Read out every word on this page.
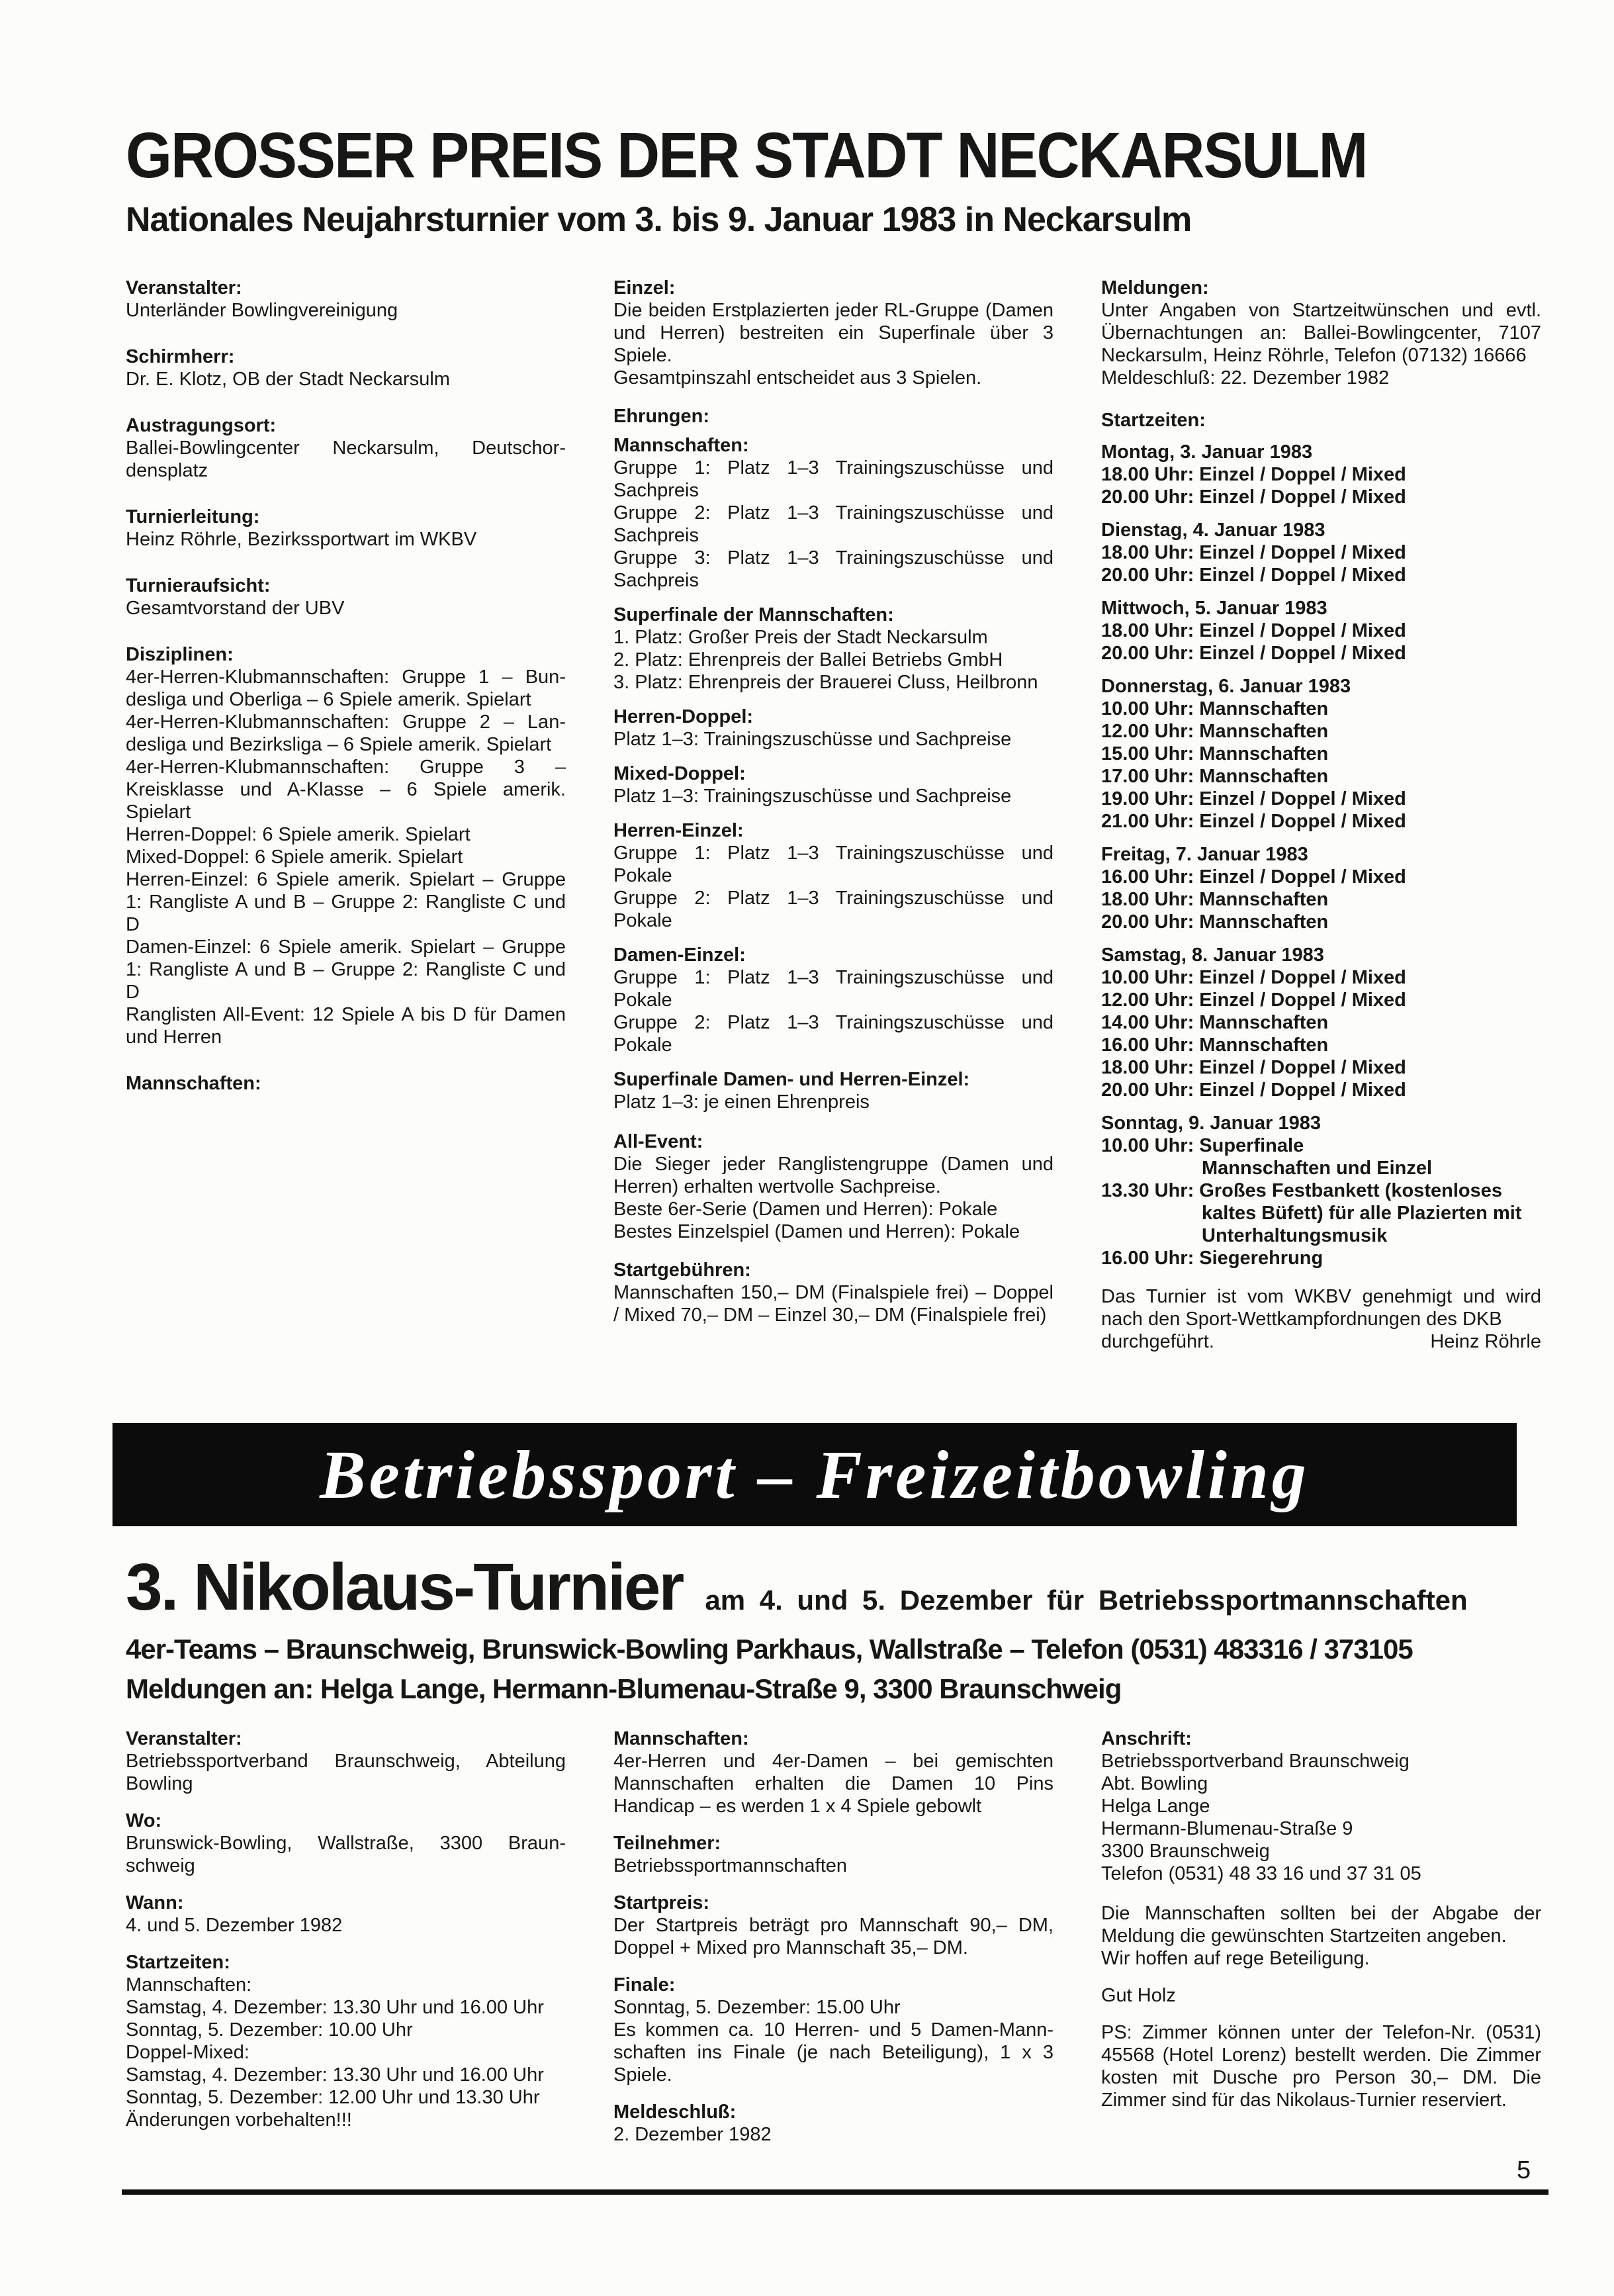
GROSSER PREIS DER STADT NECKARSULM
Nationales Neujahrsturnier vom 3. bis 9. Januar 1983 in Neckarsulm
Veranstalter:
Unterländer Bowlingvereinigung
Schirmherr:
Dr. E. Klotz, OB der Stadt Neckarsulm
Austragungsort:
Ballei-Bowlingcenter Neckarsulm, Deutschordensplatz
Turnierleitung:
Heinz Röhrle, Bezirkssportwart im WKBV
Turnieraufsicht:
Gesamtvorstand der UBV
Disziplinen:
4er-Herren-Klubmannschaften: Gruppe 1 – Bundesliga und Oberliga – 6 Spiele amerik. Spielart
4er-Herren-Klubmannschaften: Gruppe 2 – Landesliga und Bezirksliga – 6 Spiele amerik. Spielart
4er-Herren-Klubmannschaften: Gruppe 3 – Kreisklasse und A-Klasse – 6 Spiele amerik. Spielart
Herren-Doppel: 6 Spiele amerik. Spielart
Mixed-Doppel: 6 Spiele amerik. Spielart
Herren-Einzel: 6 Spiele amerik. Spielart – Gruppe 1: Rangliste A und B – Gruppe 2: Rangliste C und D
Damen-Einzel: 6 Spiele amerik. Spielart – Gruppe 1: Rangliste A und B – Gruppe 2: Rangliste C und D
Ranglisten All-Event: 12 Spiele A bis D für Damen und Herren
Mannschaften:
Einzel:
Die beiden Erstplazierten jeder RL-Gruppe (Damen und Herren) bestreiten ein Superfinale über 3 Spiele.
Gesamtpinszahl entscheidet aus 3 Spielen.
Ehrungen:
Mannschaften:
Gruppe 1: Platz 1–3 Trainingszuschüsse und Sachpreis
Gruppe 2: Platz 1–3 Trainingszuschüsse und Sachpreis
Gruppe 3: Platz 1–3 Trainingszuschüsse und Sachpreis
Superfinale der Mannschaften:
1. Platz: Großer Preis der Stadt Neckarsulm
2. Platz: Ehrenpreis der Ballei Betriebs GmbH
3. Platz: Ehrenpreis der Brauerei Cluss, Heilbronn
Herren-Doppel:
Platz 1–3: Trainingszuschüsse und Sachpreise
Mixed-Doppel:
Platz 1–3: Trainingszuschüsse und Sachpreise
Herren-Einzel:
Gruppe 1: Platz 1–3 Trainingszuschüsse und Pokale
Gruppe 2: Platz 1–3 Trainingszuschüsse und Pokale
Damen-Einzel:
Gruppe 1: Platz 1–3 Trainingszuschüsse und Pokale
Gruppe 2: Platz 1–3 Trainingszuschüsse und Pokale
Superfinale Damen- und Herren-Einzel:
Platz 1–3: je einen Ehrenpreis
All-Event:
Die Sieger jeder Ranglistengruppe (Damen und Herren) erhalten wertvolle Sachpreise.
Beste 6er-Serie (Damen und Herren): Pokale
Bestes Einzelspiel (Damen und Herren): Pokale
Startgebühren:
Mannschaften 150,– DM (Finalspiele frei) – Doppel / Mixed 70,– DM – Einzel 30,– DM (Finalspiele frei)
Meldungen:
Unter Angaben von Startzeitwünschen und evtl. Übernachtungen an: Ballei-Bowlingcenter, 7107 Neckarsulm, Heinz Röhrle, Telefon (07132) 16666
Meldeschluß: 22. Dezember 1982
Startzeiten:
Montag, 3. Januar 1983
18.00 Uhr: Einzel / Doppel / Mixed
20.00 Uhr: Einzel / Doppel / Mixed
Dienstag, 4. Januar 1983
18.00 Uhr: Einzel / Doppel / Mixed
20.00 Uhr: Einzel / Doppel / Mixed
Mittwoch, 5. Januar 1983
18.00 Uhr: Einzel / Doppel / Mixed
20.00 Uhr: Einzel / Doppel / Mixed
Donnerstag, 6. Januar 1983
10.00 Uhr: Mannschaften
12.00 Uhr: Mannschaften
15.00 Uhr: Mannschaften
17.00 Uhr: Mannschaften
19.00 Uhr: Einzel / Doppel / Mixed
21.00 Uhr: Einzel / Doppel / Mixed
Freitag, 7. Januar 1983
16.00 Uhr: Einzel / Doppel / Mixed
18.00 Uhr: Mannschaften
20.00 Uhr: Mannschaften
Samstag, 8. Januar 1983
10.00 Uhr: Einzel / Doppel / Mixed
12.00 Uhr: Einzel / Doppel / Mixed
14.00 Uhr: Mannschaften
16.00 Uhr: Mannschaften
18.00 Uhr: Einzel / Doppel / Mixed
20.00 Uhr: Einzel / Doppel / Mixed
Sonntag, 9. Januar 1983
10.00 Uhr: Superfinale
Mannschaften und Einzel
13.30 Uhr: Großes Festbankett (kostenloses kaltes Büfett) für alle Plazierten mit Unterhaltungsmusik
16.00 Uhr: Siegerehrung
Das Turnier ist vom WKBV genehmigt und wird nach den Sport-Wettkampfordnungen des DKB
durchgeführt.	Heinz Röhrle
Betriebssport – Freizeitbowling
3. Nikolaus-Turnier am 4. und 5. Dezember für Betriebssportmannschaften
4er-Teams – Braunschweig, Brunswick-Bowling Parkhaus, Wallstraße – Telefon (0531) 483316 / 373105
Meldungen an: Helga Lange, Hermann-Blumenau-Straße 9, 3300 Braunschweig
Veranstalter:
Betriebssportverband Braunschweig, Abteilung Bowling
Wo:
Brunswick-Bowling, Wallstraße, 3300 Braunschweig
Wann:
4. und 5. Dezember 1982
Startzeiten:
Mannschaften:
Samstag, 4. Dezember: 13.30 Uhr und 16.00 Uhr
Sonntag, 5. Dezember: 10.00 Uhr
Doppel-Mixed:
Samstag, 4. Dezember: 13.30 Uhr und 16.00 Uhr
Sonntag, 5. Dezember: 12.00 Uhr und 13.30 Uhr
Änderungen vorbehalten!!!
Mannschaften:
4er-Herren und 4er-Damen – bei gemischten Mannschaften erhalten die Damen 10 Pins Handicap – es werden 1 x 4 Spiele gebowlt
Teilnehmer:
Betriebssportmannschaften
Startpreis:
Der Startpreis beträgt pro Mannschaft 90,– DM, Doppel + Mixed pro Mannschaft 35,– DM.
Finale:
Sonntag, 5. Dezember: 15.00 Uhr
Es kommen ca. 10 Herren- und 5 Damen-Mannschaften ins Finale (je nach Beteiligung), 1 x 3 Spiele.
Meldeschluß:
2. Dezember 1982
Anschrift:
Betriebssportverband Braunschweig
Abt. Bowling
Helga Lange
Hermann-Blumenau-Straße 9
3300 Braunschweig
Telefon (0531) 48 33 16 und 37 31 05
Die Mannschaften sollten bei der Abgabe der Meldung die gewünschten Startzeiten angeben.
Wir hoffen auf rege Beteiligung.
Gut Holz
PS: Zimmer können unter der Telefon-Nr. (0531) 45568 (Hotel Lorenz) bestellt werden. Die Zimmer kosten mit Dusche pro Person 30,– DM. Die Zimmer sind für das Nikolaus-Turnier reserviert.
5
